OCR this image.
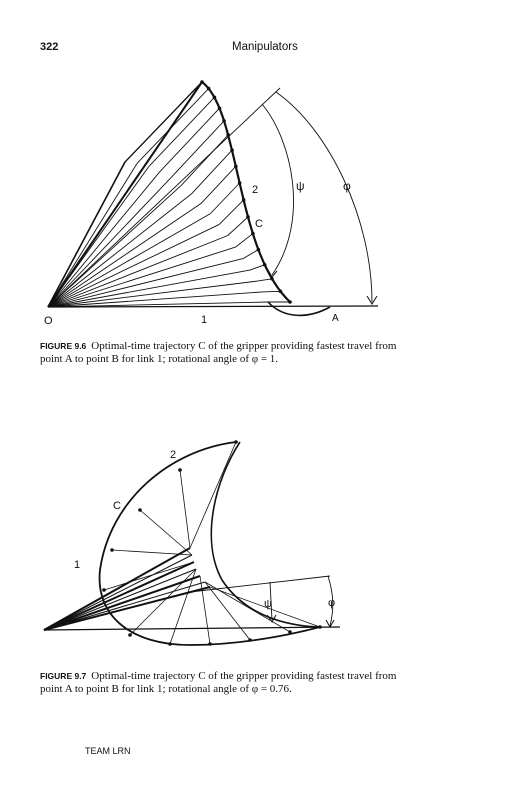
322	Manipulators
O	1
2
A
C
ψ	φ
FIGURE 9.6 Optimal-time trajectory C of the gripper providing fastest travel from point A to point B for link 1; rotational angle of φ = 1.
1
2
C
ψ	φ
FIGURE 9.7 Optimal-time trajectory C of the gripper providing fastest travel from point A to point B for link 1; rotational angle of φ = 0.76.
TEAM LRN
